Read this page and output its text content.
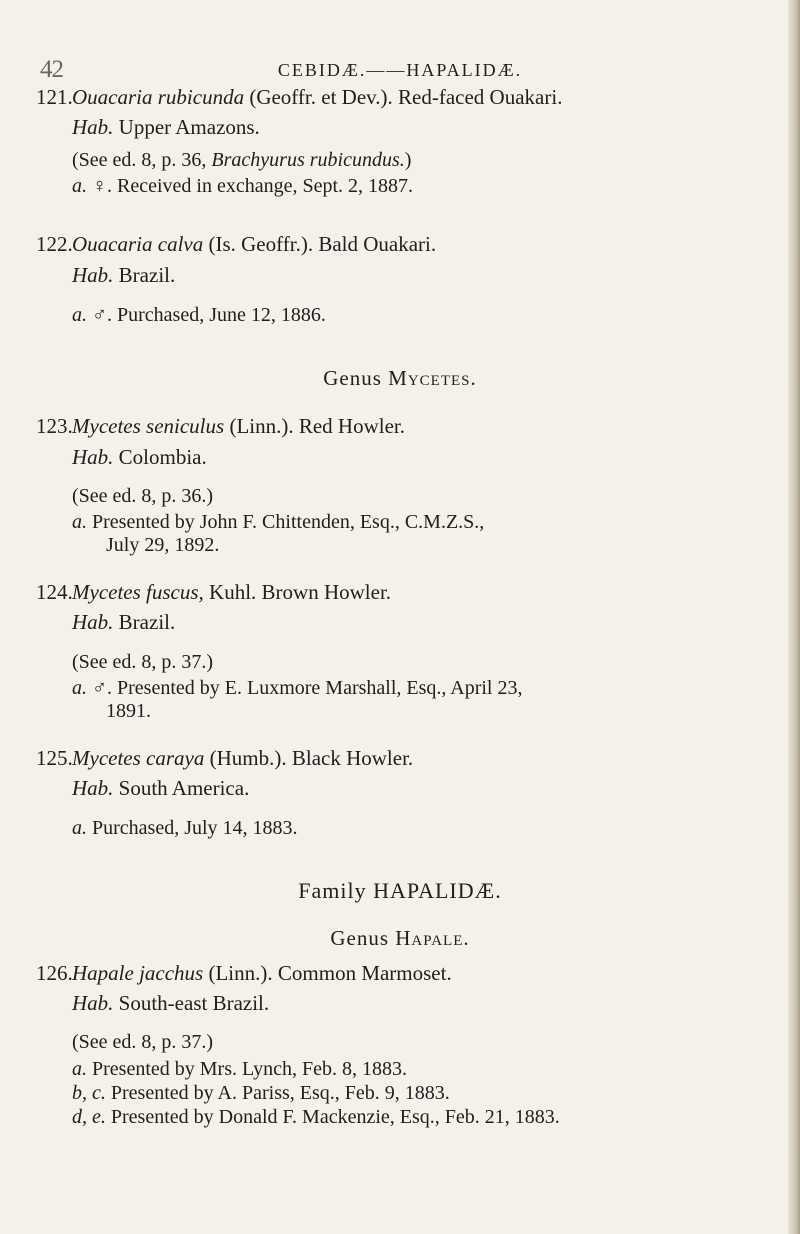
42	CEBIDÆ.——HAPALIDÆ.
121. Ouacaria rubicunda (Geoffr. et Dev.). Red-faced Ouakari.
Hab. Upper Amazons.
(See ed. 8, p. 36, Brachyurus rubicundus.)
a. ♀. Received in exchange, Sept. 2, 1887.
122. Ouacaria calva (Is. Geoffr.). Bald Ouakari.
Hab. Brazil.
a. ♂. Purchased, June 12, 1886.
Genus Mycetes.
123. Mycetes seniculus (Linn.). Red Howler.
Hab. Colombia.
(See ed. 8, p. 36.)
a. Presented by John F. Chittenden, Esq., C.M.Z.S.,
July 29, 1892.
124. Mycetes fuscus, Kuhl. Brown Howler.
Hab. Brazil.
(See ed. 8, p. 37.)
a. ♂. Presented by E. Luxmore Marshall, Esq., April 23,
1891.
125. Mycetes caraya (Humb.). Black Howler.
Hab. South America.
a. Purchased, July 14, 1883.
Family HAPALIDÆ.
Genus Hapale.
126. Hapale jacchus (Linn.). Common Marmoset.
Hab. South-east Brazil.
(See ed. 8, p. 37.)
a. Presented by Mrs. Lynch, Feb. 8, 1883.
b, c. Presented by A. Pariss, Esq., Feb. 9, 1883.
d, e. Presented by Donald F. Mackenzie, Esq., Feb. 21, 1883.
